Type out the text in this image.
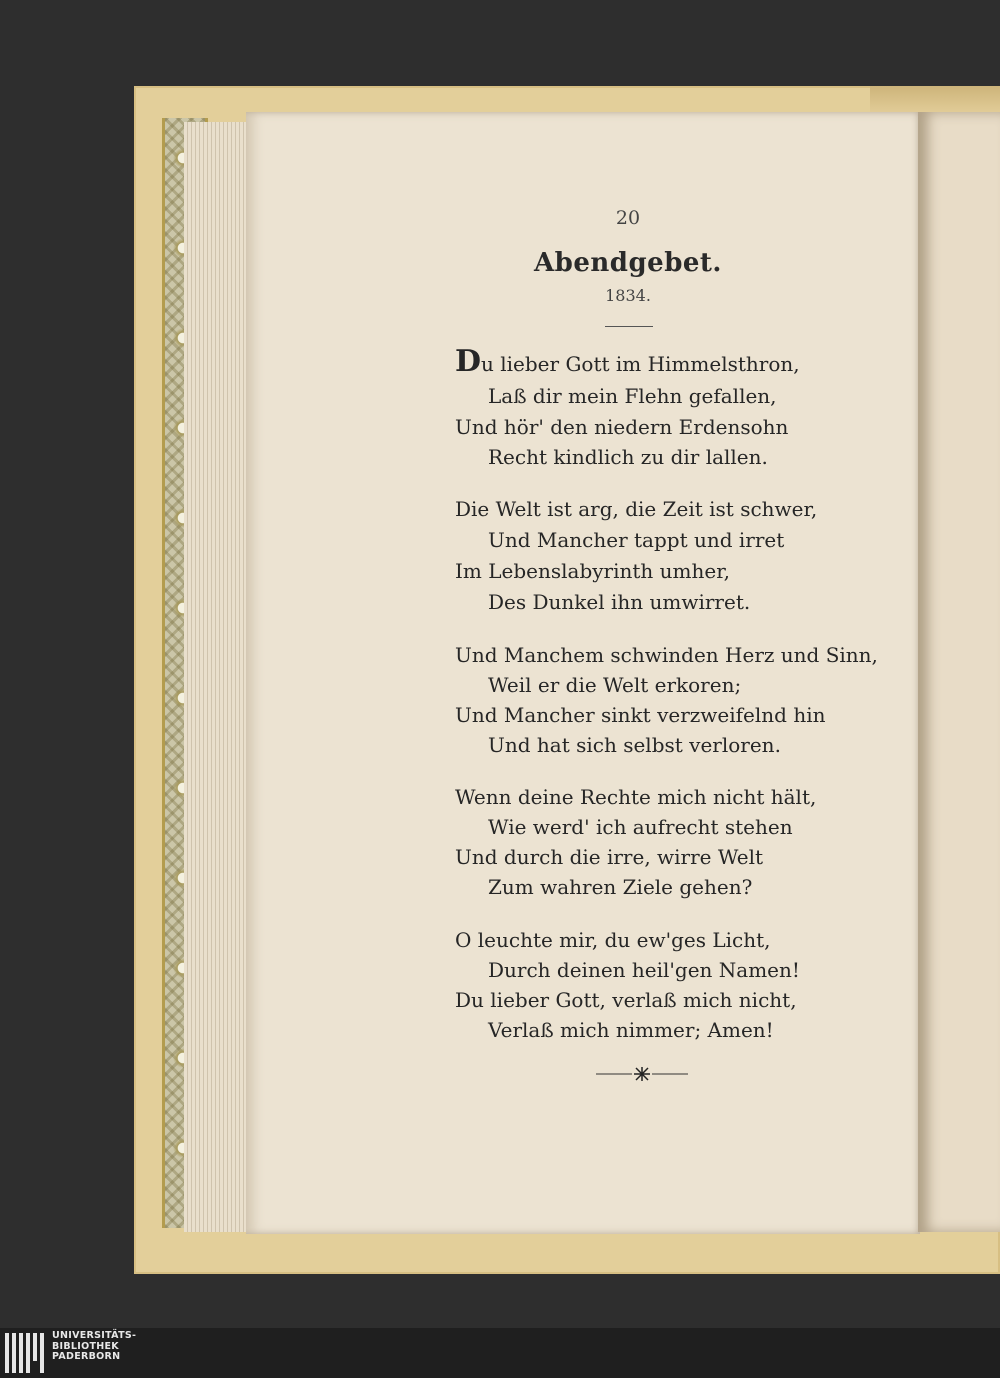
20
Abendgebet.
1834.
Du lieber Gott im Himmelsthron,
Laß dir mein Flehn gefallen,
Und hör' den niedern Erdensohn
Recht kindlich zu dir lallen.
Die Welt ist arg, die Zeit ist schwer,
Und Mancher tappt und irret
Im Lebenslabyrinth umher,
Des Dunkel ihn umwirret.
Und Manchem schwinden Herz und Sinn,
Weil er die Welt erkoren;
Und Mancher sinkt verzweifelnd hin
Und hat sich selbst verloren.
Wenn deine Rechte mich nicht hält,
Wie werd' ich aufrecht stehen
Und durch die irre, wirre Welt
Zum wahren Ziele gehen?
O leuchte mir, du ew'ges Licht,
Durch deinen heil'gen Namen!
Du lieber Gott, verlaß mich nicht,
Verlaß mich nimmer; Amen!
UNIVERSITÄTS-
BIBLIOTHEK
PADERBORN
